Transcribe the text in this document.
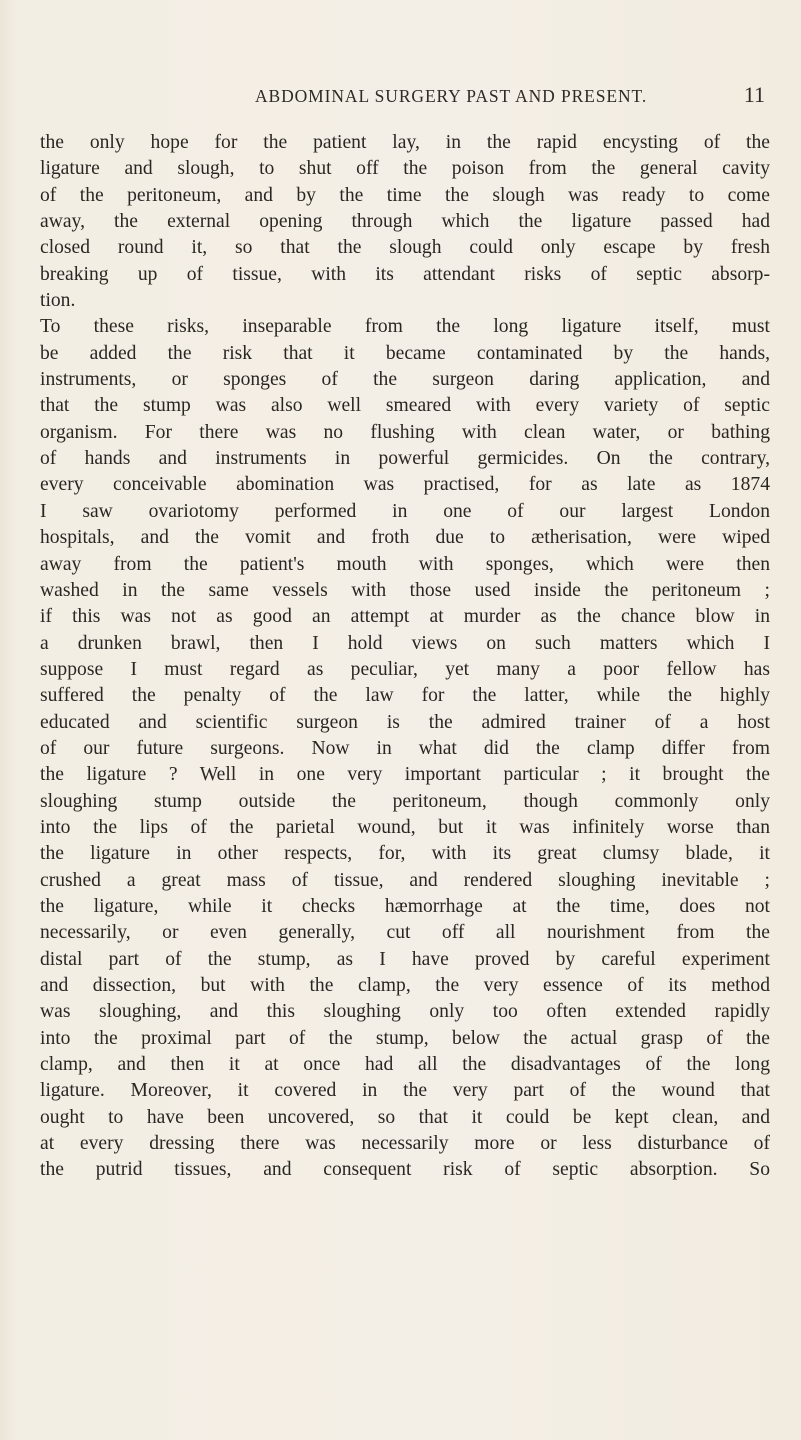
ABDOMINAL SURGERY PAST AND PRESENT.	11
the only hope for the patient lay, in the rapid encysting of the
ligature and slough, to shut off the poison from the general cavity
of the peritoneum, and by the time the slough was ready to come
away, the external opening through which the ligature passed had
closed round it, so that the slough could only escape by fresh
breaking up of tissue, with its attendant risks of septic absorp-
tion.
To these risks, inseparable from the long ligature itself, must
be added the risk that it became contaminated by the hands,
instruments, or sponges of the surgeon daring application, and
that the stump was also well smeared with every variety of septic
organism. For there was no flushing with clean water, or bathing
of hands and instruments in powerful germicides. On the contrary,
every conceivable abomination was practised, for as late as 1874
I saw ovariotomy performed in one of our largest London
hospitals, and the vomit and froth due to ætherisation, were wiped
away from the patient's mouth with sponges, which were then
washed in the same vessels with those used inside the peritoneum ;
if this was not as good an attempt at murder as the chance blow in
a drunken brawl, then I hold views on such matters which I
suppose I must regard as peculiar, yet many a poor fellow has
suffered the penalty of the law for the latter, while the highly
educated and scientific surgeon is the admired trainer of a host
of our future surgeons. Now in what did the clamp differ from
the ligature ? Well in one very important particular ; it brought the
sloughing stump outside the peritoneum, though commonly only
into the lips of the parietal wound, but it was infinitely worse than
the ligature in other respects, for, with its great clumsy blade, it
crushed a great mass of tissue, and rendered sloughing inevitable ;
the ligature, while it checks hæmorrhage at the time, does not
necessarily, or even generally, cut off all nourishment from the
distal part of the stump, as I have proved by careful experiment
and dissection, but with the clamp, the very essence of its method
was sloughing, and this sloughing only too often extended rapidly
into the proximal part of the stump, below the actual grasp of the
clamp, and then it at once had all the disadvantages of the long
ligature. Moreover, it covered in the very part of the wound that
ought to have been uncovered, so that it could be kept clean, and
at every dressing there was necessarily more or less disturbance of
the putrid tissues, and consequent risk of septic absorption. So
